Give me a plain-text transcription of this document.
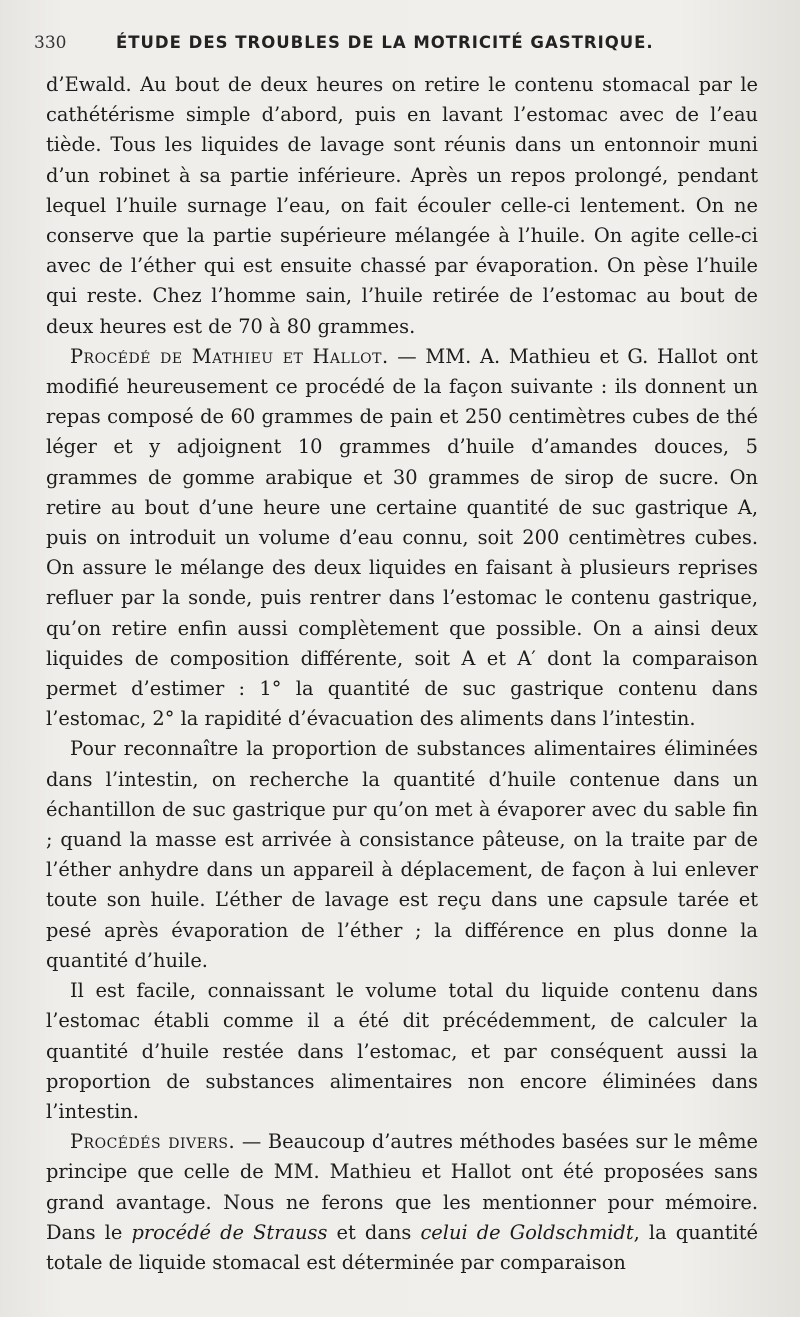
330	ÉTUDE DES TROUBLES DE LA MOTRICITÉ GASTRIQUE.

d’Ewald. Au bout de deux heures on retire le contenu stomacal par le cathétérisme simple d’abord, puis en lavant l’estomac avec de l’eau tiède. Tous les liquides de lavage sont réunis dans un entonnoir muni d’un robinet à sa partie inférieure. Après un repos prolongé, pendant lequel l’huile surnage l’eau, on fait écouler celle-ci lentement. On ne conserve que la partie supérieure mélangée à l’huile. On agite celle-ci avec de l’éther qui est ensuite chassé par évaporation. On pèse l’huile qui reste. Chez l’homme sain, l’huile retirée de l’estomac au bout de deux heures est de 70 à 80 grammes.

Procédé de Mathieu et Hallot. — MM. A. Mathieu et G. Hallot ont modifié heureusement ce procédé de la façon suivante : ils donnent un repas composé de 60 grammes de pain et 250 centimètres cubes de thé léger et y adjoignent 10 grammes d’huile d’amandes douces, 5 grammes de gomme arabique et 30 grammes de sirop de sucre. On retire au bout d’une heure une certaine quantité de suc gastrique A, puis on introduit un volume d’eau connu, soit 200 centimètres cubes. On assure le mélange des deux liquides en faisant à plusieurs reprises refluer par la sonde, puis rentrer dans l’estomac le contenu gastrique, qu’on retire enfin aussi complètement que possible. On a ainsi deux liquides de composition différente, soit A et A′ dont la comparaison permet d’estimer : 1° la quantité de suc gastrique contenu dans l’estomac, 2° la rapidité d’évacuation des aliments dans l’intestin.

Pour reconnaître la proportion de substances alimentaires éliminées dans l’intestin, on recherche la quantité d’huile contenue dans un échantillon de suc gastrique pur qu’on met à évaporer avec du sable fin ; quand la masse est arrivée à consistance pâteuse, on la traite par de l’éther anhydre dans un appareil à déplacement, de façon à lui enlever toute son huile. L’éther de lavage est reçu dans une capsule tarée et pesé après évaporation de l’éther ; la différence en plus donne la quantité d’huile.

Il est facile, connaissant le volume total du liquide contenu dans l’estomac établi comme il a été dit précédemment, de calculer la quantité d’huile restée dans l’estomac, et par conséquent aussi la proportion de substances alimentaires non encore éliminées dans l’intestin.

Procédés divers. — Beaucoup d’autres méthodes basées sur le même principe que celle de MM. Mathieu et Hallot ont été proposées sans grand avantage. Nous ne ferons que les mentionner pour mémoire. Dans le procédé de Strauss et dans celui de Goldschmidt, la quantité totale de liquide stomacal est déterminée par comparaison
